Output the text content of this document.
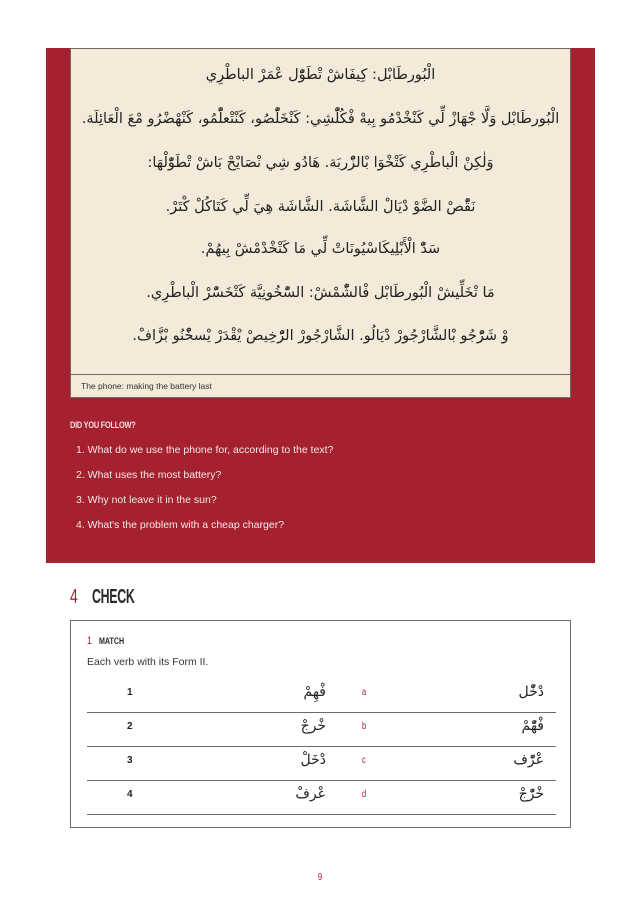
الْبُورطَابْل: كِيفَاشْ تْطَوّْل عْمَرْ الباطْرِي
الْبُورطَابْل وَلَّا جْهَازْ لِّي كَنْخْدْمُو بِيهْ فْكُلّْشِي: كَنْخَلّْصُو، كَنْتْعلّْمُو، كَنْهْضْرُو مْعَ الْعَائِلَة.
وَلٰكِنْ الْباطْرِي كَتْخْوَا بْالزّْربَة. هَادُو شِي نْصَايْحْ بَاشْ تْطَوّْلْهَا:
نَقّْصْ الضَّوْ دْيَالْ الشَّاشَة. الشَّاشَة هِيَ لِّي كَتَاكُلْ كْتَرْ.
سَدّْ الْأَبْلِيكَاسْيُونَاتْ لِّي مَا كَتْخْدْمْشْ بِيهُمْ.
مَا تْخَلِّيشْ الْبُورطَابْل فْالشّْمْشْ: السّْخُونِيَّة كَتْخَسّْرْ الْباطْرِي.
وْ شَرّْجُو بْالشَّارْجُورْ دْيَالُو. الشَّارْجُورْ الرّْخِيصْ يْقْدَرْ يْسخّْنُو بْزَّافْ.
The phone: making the battery last
DID YOU FOLLOW?
1. What do we use the phone for, according to the text?
2. What uses the most battery?
3. Why not leave it in the sun?
4. What's the problem with a cheap charger?
4 CHECK
1 MATCH
Each verb with its Form II.
1	فْهِمْ	a	دْخّْل
2	خْرجْ	b	فْهّْمْ
3	دْخَلْ	c	عْرّْف
4	عْرفْ	d	خْرّْجْ
9
